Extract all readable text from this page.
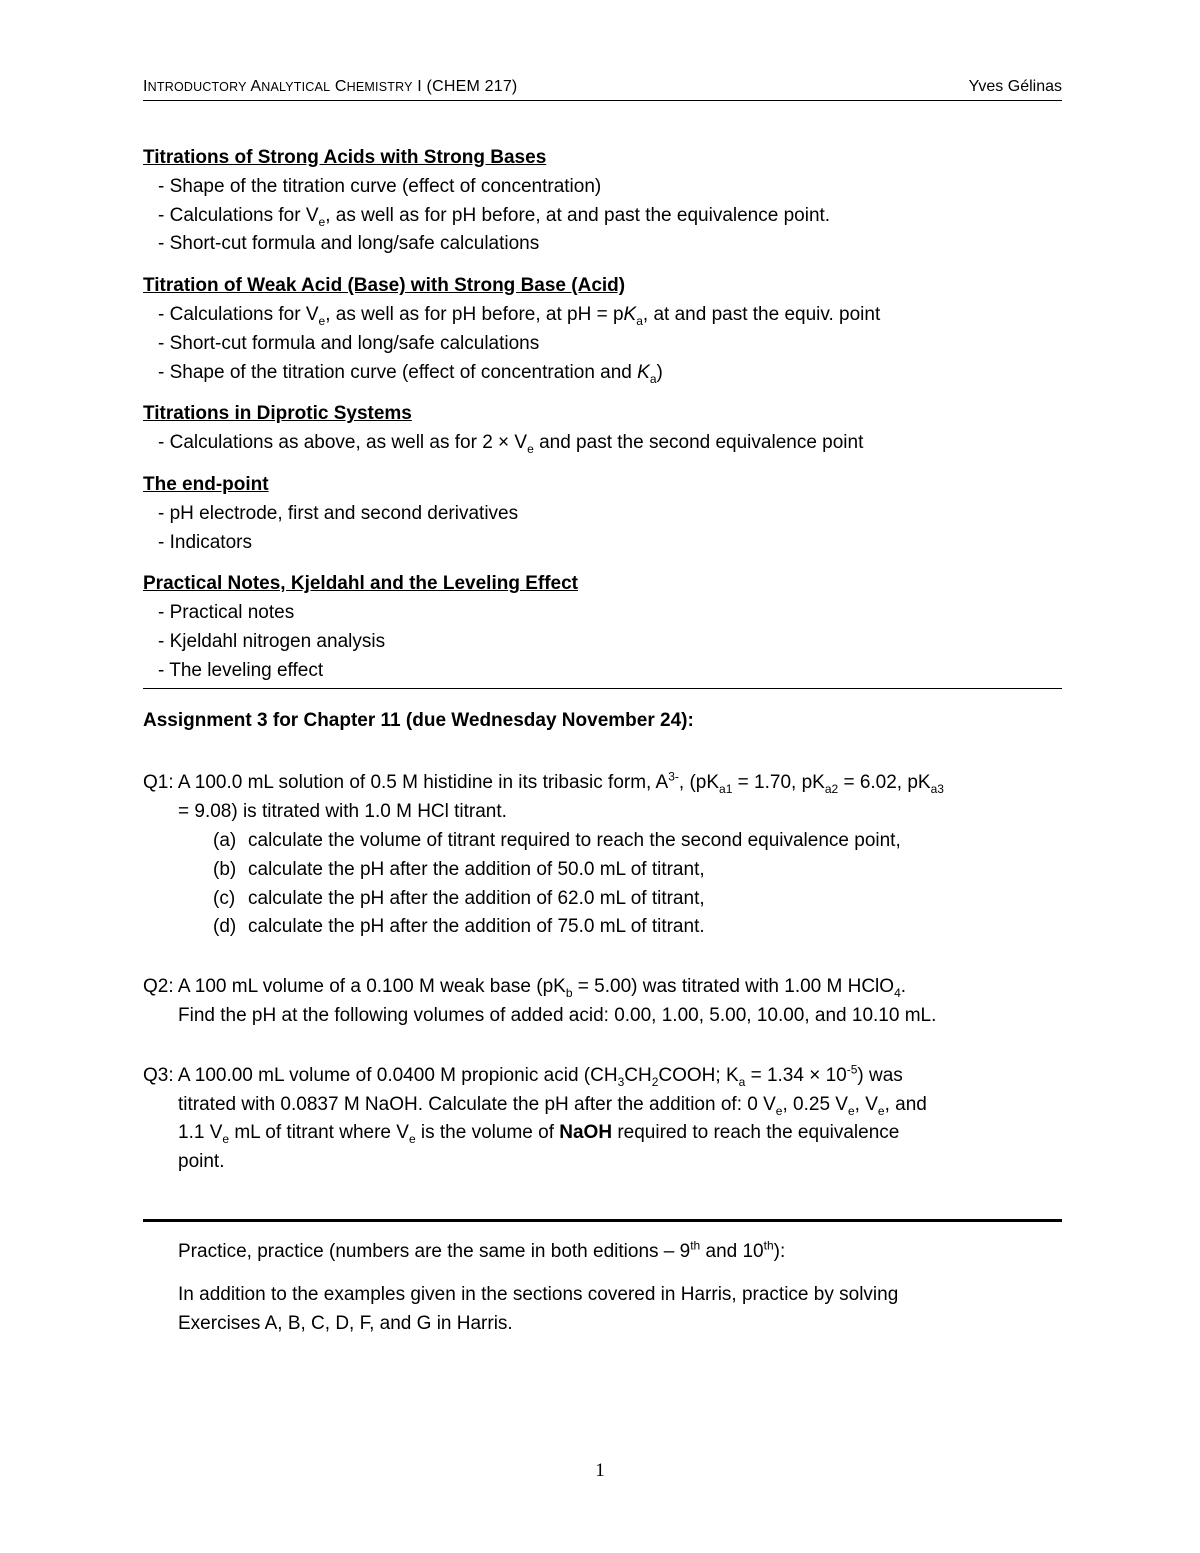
INTRODUCTORY ANALYTICAL CHEMISTRY I (CHEM 217)	Yves Gélinas
Titrations of Strong Acids with Strong Bases
- Shape of the titration curve (effect of concentration)
- Calculations for $V_e$, as well as for pH before, at and past the equivalence point.
- Short-cut formula and long/safe calculations
Titration of Weak Acid (Base) with Strong Base (Acid)
- Calculations for $V_e$, as well as for pH before, at pH = $pK_a$, at and past the equiv. point
- Short-cut formula and long/safe calculations
- Shape of the titration curve (effect of concentration and $K_a$)
Titrations in Diprotic Systems
- Calculations as above, as well as for $2 \times V_e$ and past the second equivalence point
The end-point
- pH electrode, first and second derivatives
- Indicators
Practical Notes, Kjeldahl and the Leveling Effect
- Practical notes
- Kjeldahl nitrogen analysis
- The leveling effect
Assignment 3 for Chapter 11 (due Wednesday November 24):
Q1: A 100.0 mL solution of 0.5 M histidine in its tribasic form, $A^{3-}$, ($pK_{a1} = 1.70$, $pK_{a2} = 6.02$, $pK_{a3}$
= 9.08) is titrated with 1.0 M HCl titrant.
(a) calculate the volume of titrant required to reach the second equivalence point,
(b) calculate the pH after the addition of 50.0 mL of titrant,
(c) calculate the pH after the addition of 62.0 mL of titrant,
(d) calculate the pH after the addition of 75.0 mL of titrant.
Q2: A 100 mL volume of a 0.100 M weak base $(pK_b = 5.00)$ was titrated with 1.00 M HClO$_4$.
Find the pH at the following volumes of added acid: 0.00, 1.00, 5.00, 10.00, and 10.10 mL.
Q3: A 100.00 mL volume of 0.0400 M propionic acid ($CH_3CH_2COOH$; $K_a = 1.34 \times 10^{-5}$) was
titrated with 0.0837 M NaOH. Calculate the pH after the addition of: 0 $V_e$, 0.25 $V_e$, $V_e$, and
1.1 $V_e$ mL of titrant where $V_e$ is the volume of NaOH required to reach the equivalence
point.

Practice, practice (numbers are the same in both editions – 9th and 10th):

In addition to the examples given in the sections covered in Harris, practice by solving

Exercises A, B, C, D, F, and G in Harris.

1
